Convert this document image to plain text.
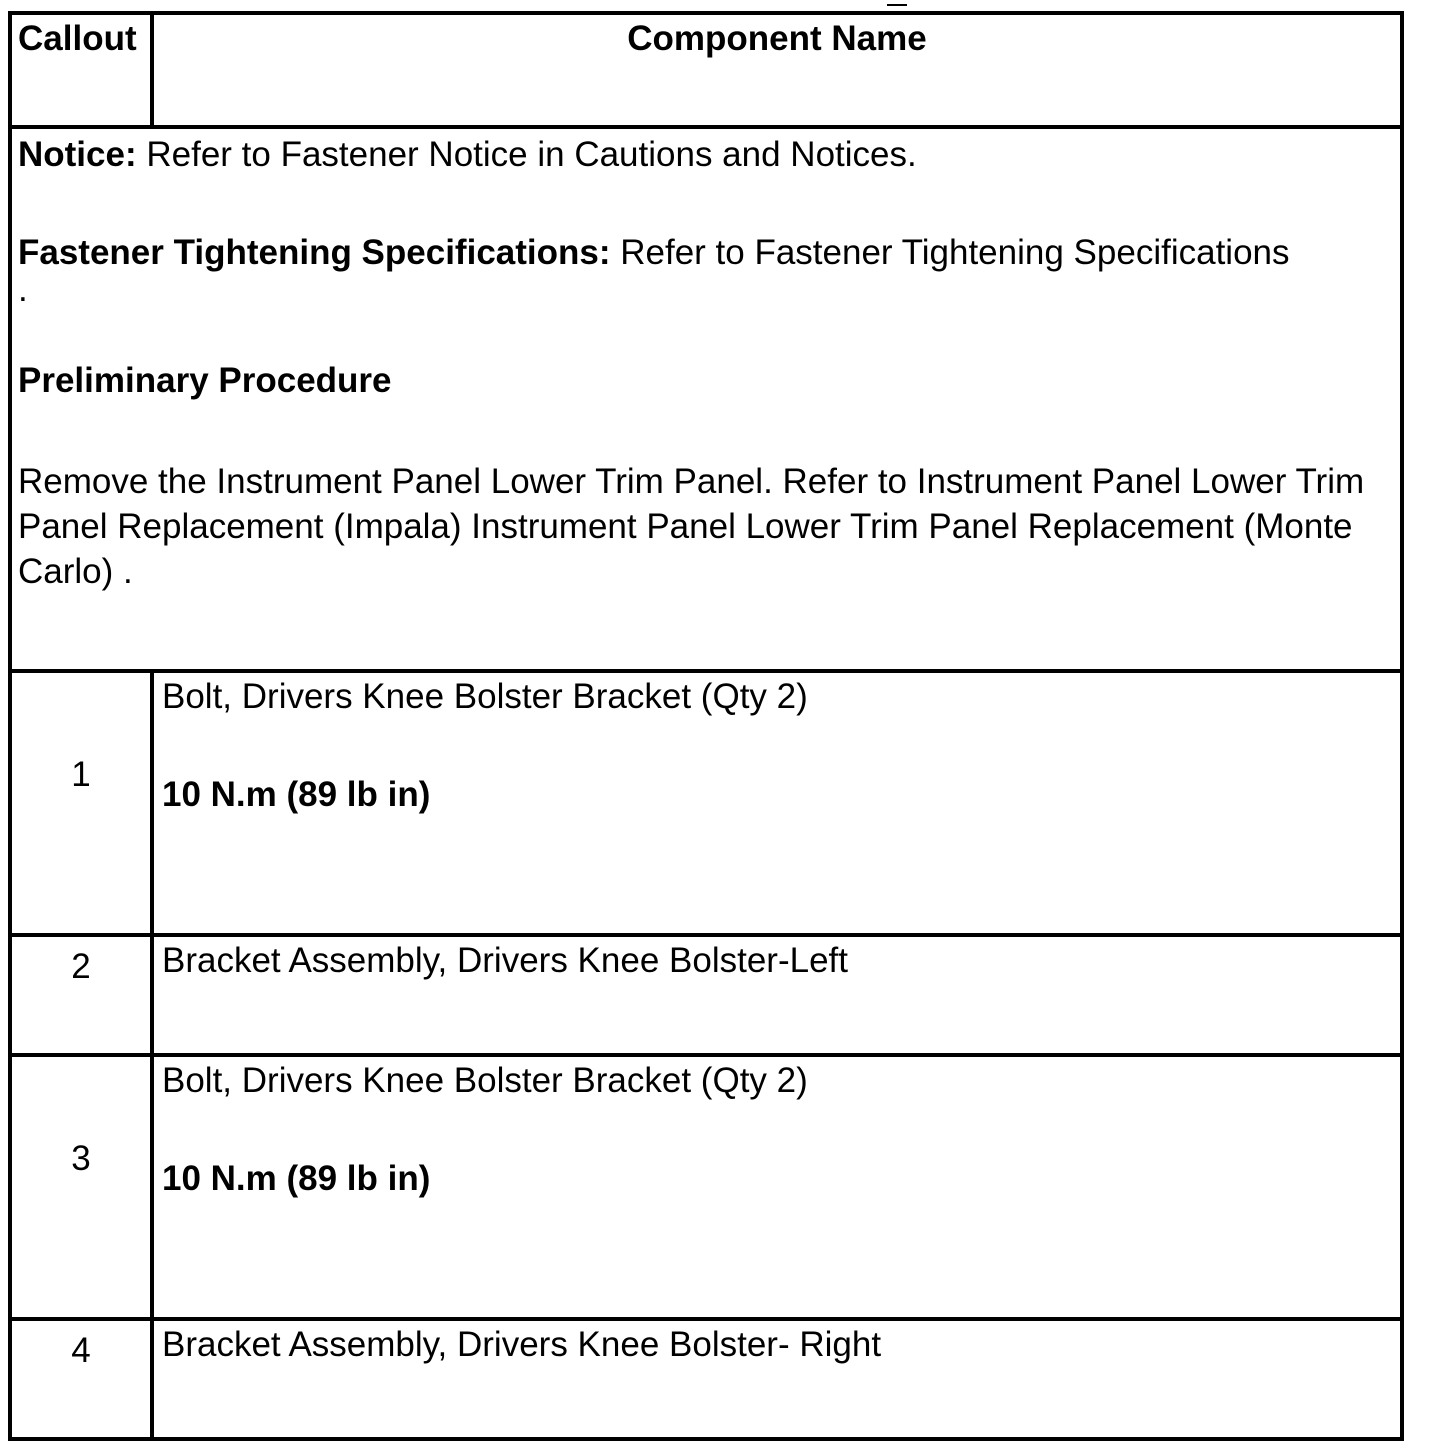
Callout	Component Name

Notice: Refer to Fastener Notice in Cautions and Notices.

Fastener Tightening Specifications: Refer to Fastener Tightening Specifications

.

Preliminary Procedure

Remove the Instrument Panel Lower Trim Panel. Refer to Instrument Panel Lower Trim Panel Replacement (Impala) Instrument Panel Lower Trim Panel Replacement (Monte Carlo) .	

1	Bolt, Drivers Knee Bolster Bracket (Qty 2)

10 N.m (89 lb in)

2	Bracket Assembly, Drivers Knee Bolster-Left

3	Bolt, Drivers Knee Bolster Bracket (Qty 2)

10 N.m (89 lb in)

4	Bracket Assembly, Drivers Knee Bolster- Right
